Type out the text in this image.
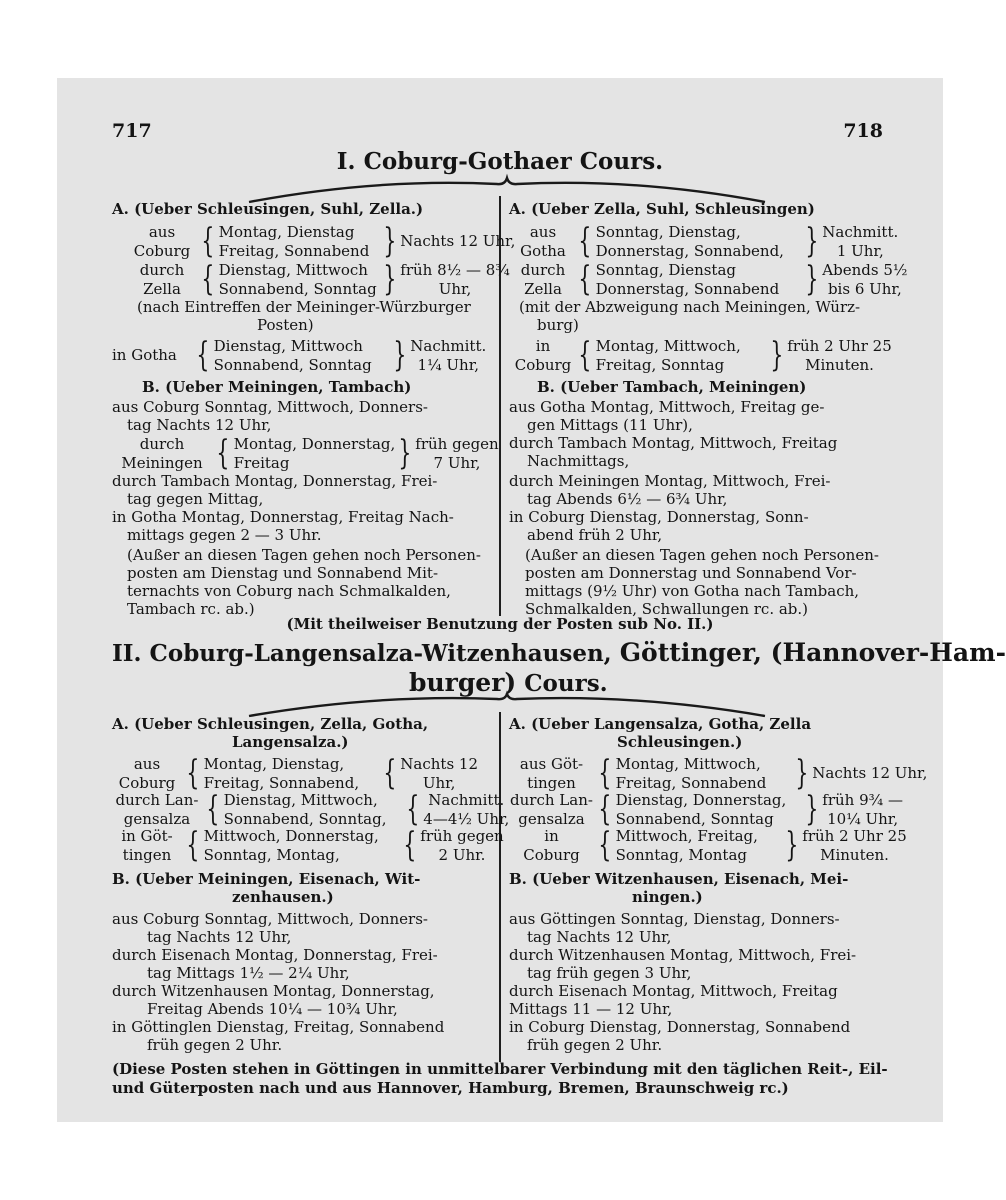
717	718
I. Coburg-Gothaer Cours.
A. (Ueber Schleusingen, Suhl, Zella.)
aus
Coburg { Montag, Dienstag
Freitag, Sonnabend } Nachts 12 Uhr,
durch
Zella { Dienstag, Mittwoch
Sonnabend, Sonntag } früh 8½ — 8¾
Uhr,
(nach Eintreffen der Meininger-Würzburger
Posten)
in Gotha { Dienstag, Mittwoch
Sonnabend, Sonntag } Nachmitt.
1¼ Uhr,
B. (Ueber Meiningen, Tambach)
aus Coburg Sonntag, Mittwoch, Donners-
tag Nachts 12 Uhr,
durch
Meiningen { Montag, Donnerstag,
Freitag	} früh gegen
7 Uhr,
durch Tambach Montag, Donnerstag, Frei-
tag gegen Mittag,
in Gotha Montag, Donnerstag, Freitag Nach-
mittags gegen 2 — 3 Uhr.
(Außer an diesen Tagen gehen noch Personen-
posten am Dienstag und Sonnabend Mit-
ternachts von Coburg nach Schmalkalden,
Tambach rc. ab.)
A. (Ueber Zella, Suhl, Schleusingen)
aus
Gotha { Sonntag, Dienstag,
Donnerstag, Sonnabend, } Nachmitt.
1 Uhr,
durch
Zella { Sonntag, Dienstag
Donnerstag, Sonnabend } Abends 5½
bis 6 Uhr,
(mit der Abzweigung nach Meiningen, Würz-
burg)
in
Coburg { Montag, Mittwoch,
Freitag, Sonntag } früh 2 Uhr 25
Minuten.
B. (Ueber Tambach, Meiningen)
aus Gotha Montag, Mittwoch, Freitag ge-
gen Mittags (11 Uhr),
durch Tambach Montag, Mittwoch, Freitag
Nachmittags,
durch Meiningen Montag, Mittwoch, Frei-
tag Abends 6½ — 6¾ Uhr,
in Coburg Dienstag, Donnerstag, Sonn-
abend früh 2 Uhr,
(Außer an diesen Tagen gehen noch Personen-
posten am Donnerstag und Sonnabend Vor-
mittags (9½ Uhr) von Gotha nach Tambach,
Schmalkalden, Schwallungen rc. ab.)
(Mit theilweiser Benutzung der Posten sub No. II.)
II. Coburg-Langensalza-Witzenhausen, Göttinger, (Hannover-Ham-
burger) Cours.
A. (Ueber Schleusingen, Zella, Gotha,
Langensalza.)
aus
Coburg { Montag, Dienstag,
Freitag, Sonnabend, { Nachts 12
Uhr,
durch Lan-
gensalza { Dienstag, Mittwoch,
Sonnabend, Sonntag, { Nachmitt.
4—4½ Uhr,
in Göt-
tingen { Mittwoch, Donnerstag,
Sonntag, Montag, { früh gegen
2 Uhr.
B. (Ueber Meiningen, Eisenach, Wit-
zenhausen.)
aus Coburg Sonntag, Mittwoch, Donners-
tag Nachts 12 Uhr,
durch Eisenach Montag, Donnerstag, Frei-
tag Mittags 1½ — 2¼ Uhr,
durch Witzenhausen Montag, Donnerstag,
Freitag Abends 10¼ — 10¾ Uhr,
in Göttinglen Dienstag, Freitag, Sonnabend
früh gegen 2 Uhr.
A. (Ueber Langensalza, Gotha, Zella
Schleusingen.)
aus Göt-
tingen { Montag, Mittwoch,
Freitag, Sonnabend } Nachts 12 Uhr,
durch Lan-
gensalza { Dienstag, Donnerstag,
Sonnabend, Sonntag } früh 9¾ —
10¼ Uhr,
in
Coburg { Mittwoch, Freitag,
Sonntag, Montag } früh 2 Uhr 25
Minuten.
B. (Ueber Witzenhausen, Eisenach, Mei-
ningen.)
aus Göttingen Sonntag, Dienstag, Donners-
tag Nachts 12 Uhr,
durch Witzenhausen Montag, Mittwoch, Frei-
tag früh gegen 3 Uhr,
durch Eisenach Montag, Mittwoch, Freitag
Mittags 11 — 12 Uhr,
in Coburg Dienstag, Donnerstag, Sonnabend
früh gegen 2 Uhr.
(Diese Posten stehen in Göttingen in unmittelbarer Verbindung mit den täglichen Reit-, Eil-
und Güterposten nach und aus Hannover, Hamburg, Bremen, Braunschweig rc.)
